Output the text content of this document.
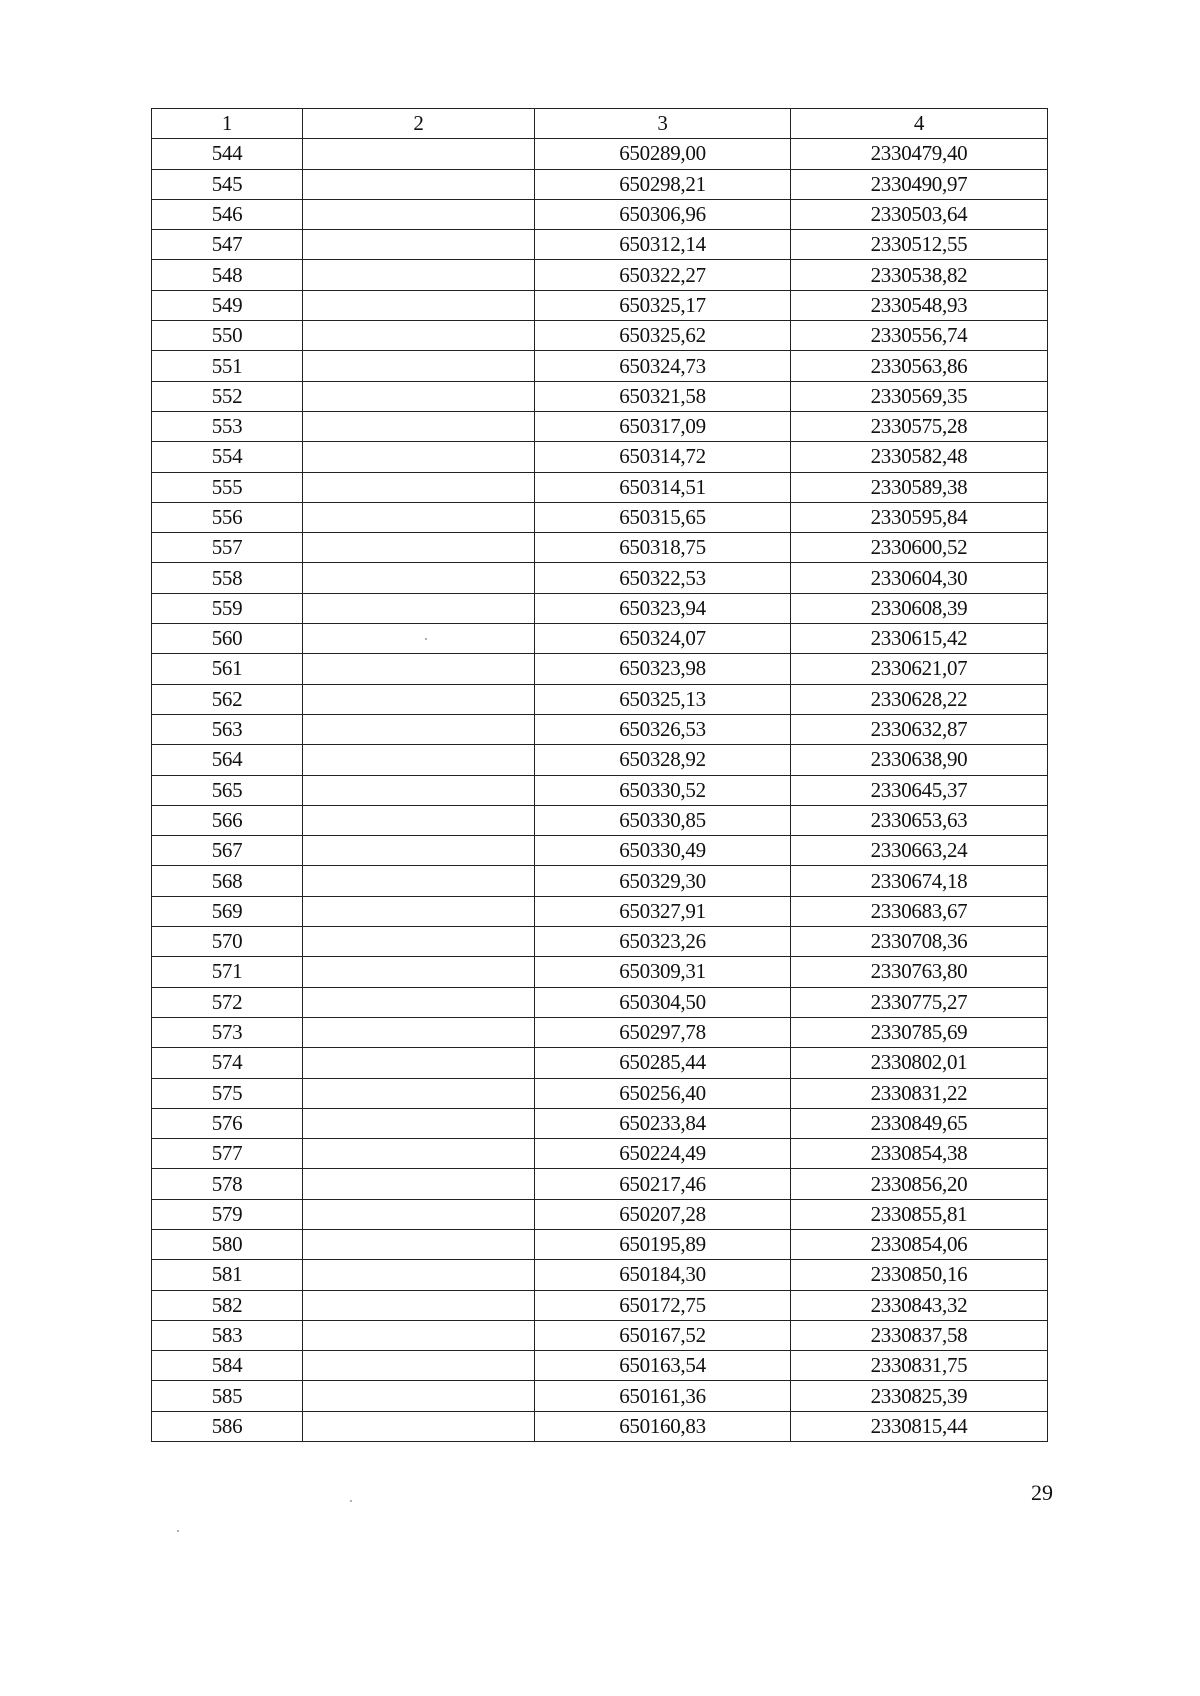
1	2	3	4
544		650289,00	2330479,40
545		650298,21	2330490,97
546		650306,96	2330503,64
547		650312,14	2330512,55
548		650322,27	2330538,82
549		650325,17	2330548,93
550		650325,62	2330556,74
551		650324,73	2330563,86
552		650321,58	2330569,35
553		650317,09	2330575,28
554		650314,72	2330582,48
555		650314,51	2330589,38
556		650315,65	2330595,84
557		650318,75	2330600,52
558		650322,53	2330604,30
559		650323,94	2330608,39
560		650324,07	2330615,42
561		650323,98	2330621,07
562		650325,13	2330628,22
563		650326,53	2330632,87
564		650328,92	2330638,90
565		650330,52	2330645,37
566		650330,85	2330653,63
567		650330,49	2330663,24
568		650329,30	2330674,18
569		650327,91	2330683,67
570		650323,26	2330708,36
571		650309,31	2330763,80
572		650304,50	2330775,27
573		650297,78	2330785,69
574		650285,44	2330802,01
575		650256,40	2330831,22
576		650233,84	2330849,65
577		650224,49	2330854,38
578		650217,46	2330856,20
579		650207,28	2330855,81
580		650195,89	2330854,06
581		650184,30	2330850,16
582		650172,75	2330843,32
583		650167,52	2330837,58
584		650163,54	2330831,75
585		650161,36	2330825,39
586		650160,83	2330815,44
29
